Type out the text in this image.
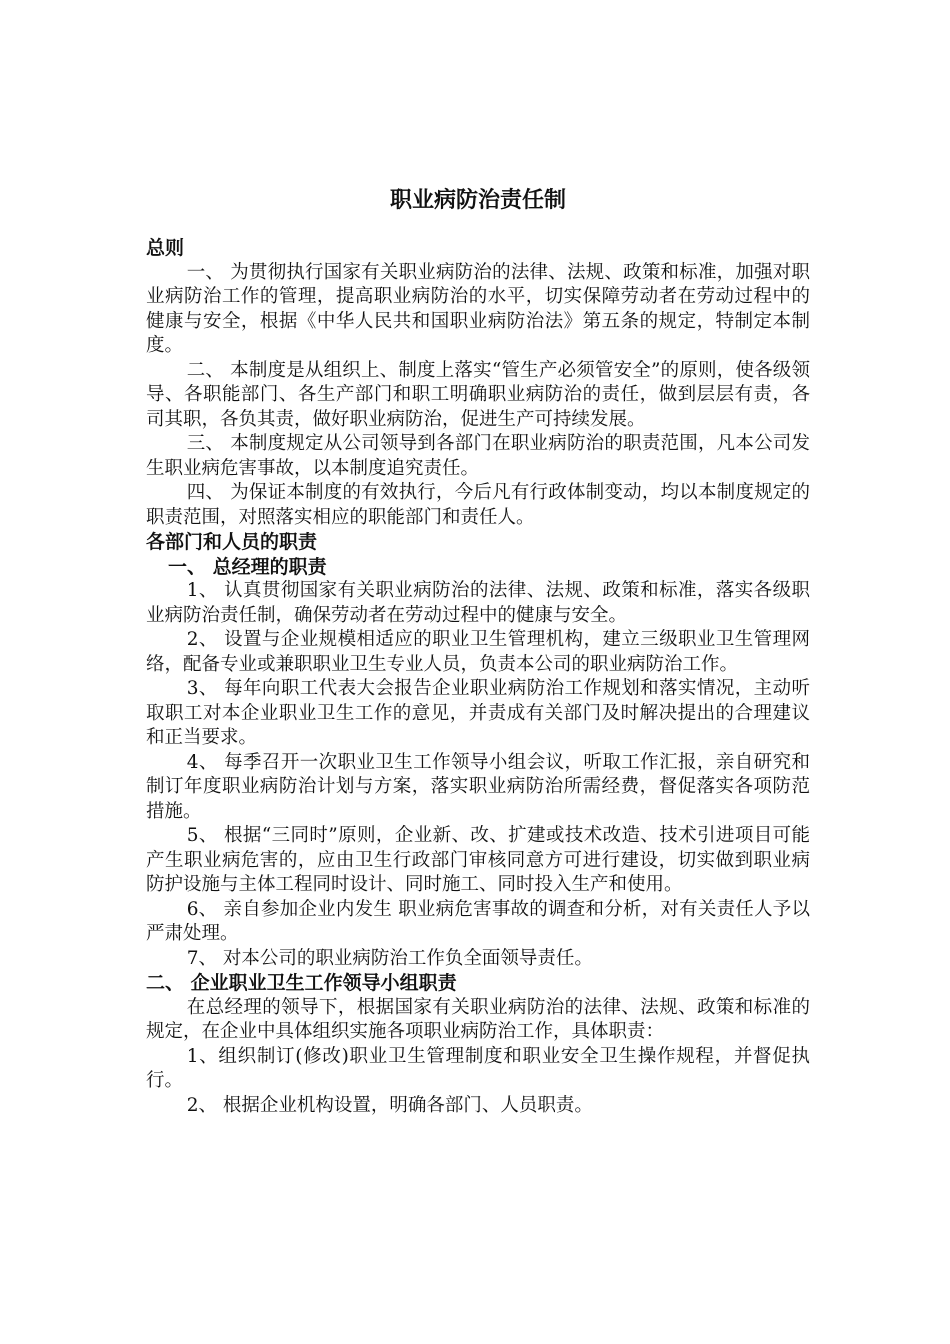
职业病防治责任制
总则

一、 为贯彻执行国家有关职业病防治的法律、法规、政策和标准，加强对职业病防治工作的管理，提高职业病防治的水平，切实保障劳动者在劳动过程中的健康与安全，根据《中华人民共和国职业病防治法》第五条的规定，特制定本制度。

二、 本制度是从组织上、制度上落实“管生产必须管安全”的原则，使各级领导、各职能部门、各生产部门和职工明确职业病防治的责任，做到层层有责，各司其职，各负其责，做好职业病防治，促进生产可持续发展。

三、 本制度规定从公司领导到各部门在职业病防治的职责范围，凡本公司发生职业病危害事故，以本制度追究责任。

四、 为保证本制度的有效执行，今后凡有行政体制变动，均以本制度规定的职责范围，对照落实相应的职能部门和责任人。

各部门和人员的职责
一、 总经理的职责

1、 认真贯彻国家有关职业病防治的法律、法规、政策和标准，落实各级职业病防治责任制，确保劳动者在劳动过程中的健康与安全。

2、 设置与企业规模相适应的职业卫生管理机构，建立三级职业卫生管理网络，配备专业或兼职职业卫生专业人员，负责本公司的职业病防治工作。

3、 每年向职工代表大会报告企业职业病防治工作规划和落实情况，主动听取职工对本企业职业卫生工作的意见，并责成有关部门及时解决提出的合理建议和正当要求。

4、 每季召开一次职业卫生工作领导小组会议，听取工作汇报，亲自研究和制订年度职业病防治计划与方案，落实职业病防治所需经费，督促落实各项防范措施。

5、 根据“三同时”原则，企业新、改、扩建或技术改造、技术引进项目可能产生职业病危害的，应由卫生行政部门审核同意方可进行建设，切实做到职业病防护设施与主体工程同时设计、同时施工、同时投入生产和使用。

6、 亲自参加企业内发生 职业病危害事故的调查和分析，对有关责任人予以严肃处理。

7、 对本公司的职业病防治工作负全面领导责任。

二、 企业职业卫生工作领导小组职责

在总经理的领导下，根据国家有关职业病防治的法律、法规、政策和标准的规定，在企业中具体组织实施各项职业病防治工作，具体职责：

1、组织制订(修改)职业卫生管理制度和职业安全卫生操作规程，并督促执行。

2、 根据企业机构设置，明确各部门、人员职责。
